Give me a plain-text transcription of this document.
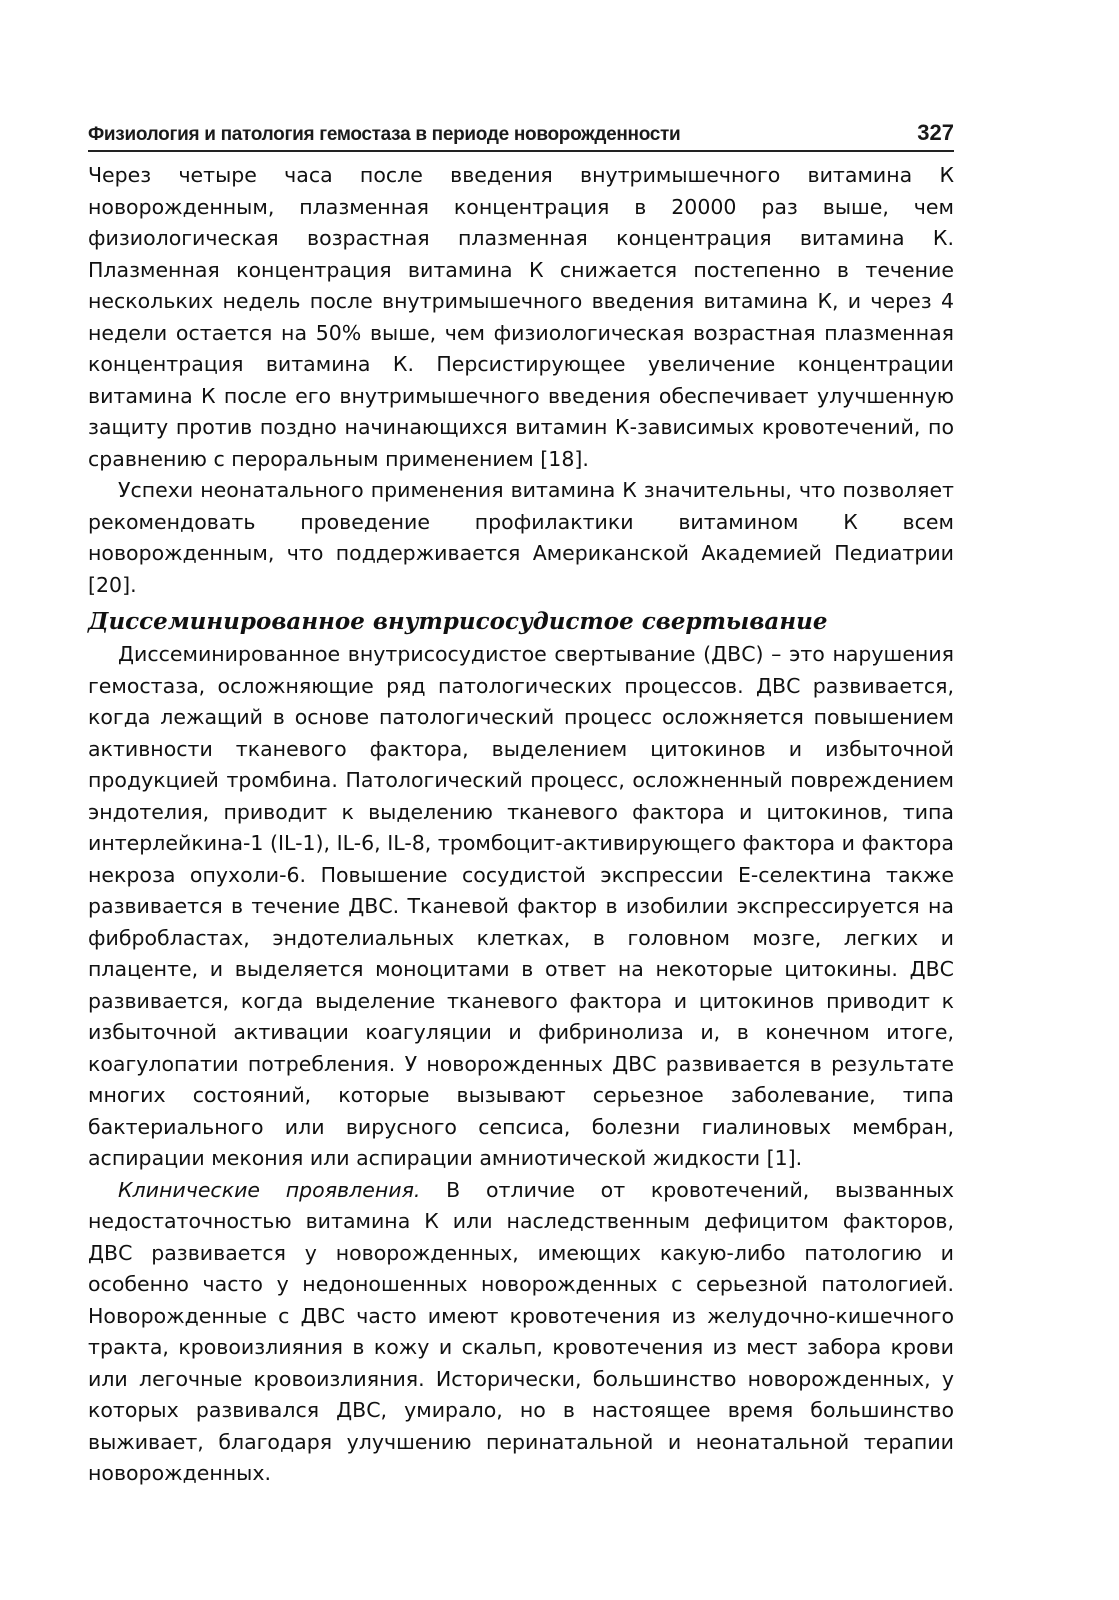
Физиология и патология гемостаза в периоде новорожденности	327

Через четыре часа после введения внутримышечного витамина К новорожденным, плазменная концентрация в 20000 раз выше, чем физиологическая возрастная плазменная концентрация витамина К. Плазменная концентрация витамина К снижается постепенно в течение нескольких недель после внутримышечного введения витамина К, и через 4 недели остается на 50% выше, чем физиологическая возрастная плазменная концентрация витамина К. Персистирующее увеличение концентрации витамина К после его внутримышечного введения обеспечивает улучшенную защиту против поздно начинающихся витамин К-зависимых кровотечений, по сравнению с пероральным применением [18].

Успехи неонатального применения витамина К значительны, что позволяет рекомендовать проведение профилактики витамином К всем новорожденным, что поддерживается Американской Академией Педиатрии [20].

Диссеминированное внутрисосудистое свертывание

Диссеминированное внутрисосудистое свертывание (ДВС) – это нарушения гемостаза, осложняющие ряд патологических процессов. ДВС развивается, когда лежащий в основе патологический процесс осложняется повышением активности тканевого фактора, выделением цитокинов и избыточной продукцией тромбина. Патологический процесс, осложненный повреждением эндотелия, приводит к выделению тканевого фактора и цитокинов, типа интерлейкина-1 (IL-1), IL-6, IL-8, тромбоцит-активирующего фактора и фактора некроза опухоли-6. Повышение сосудистой экспрессии Е-селектина также развивается в течение ДВС. Тканевой фактор в изобилии экспрессируется на фибробластах, эндотелиальных клетках, в головном мозге, легких и плаценте, и выделяется моноцитами в ответ на некоторые цитокины. ДВС развивается, когда выделение тканевого фактора и цитокинов приводит к избыточной активации коагуляции и фибринолиза и, в конечном итоге, коагулопатии потребления. У новорожденных ДВС развивается в результате многих состояний, которые вызывают серьезное заболевание, типа бактериального или вирусного сепсиса, болезни гиалиновых мембран, аспирации мекония или аспирации амниотической жидкости [1].

Клинические проявления. В отличие от кровотечений, вызванных недостаточностью витамина К или наследственным дефицитом факторов, ДВС развивается у новорожденных, имеющих какую-либо патологию и особенно часто у недоношенных новорожденных с серьезной патологией. Новорожденные с ДВС часто имеют кровотечения из желудочно-кишечного тракта, кровоизлияния в кожу и скальп, кровотечения из мест забора крови или легочные кровоизлияния. Исторически, большинство новорожденных, у которых развивался ДВС, умирало, но в настоящее время большинство выживает, благодаря улучшению перинатальной и неонатальной терапии новорожденных.
